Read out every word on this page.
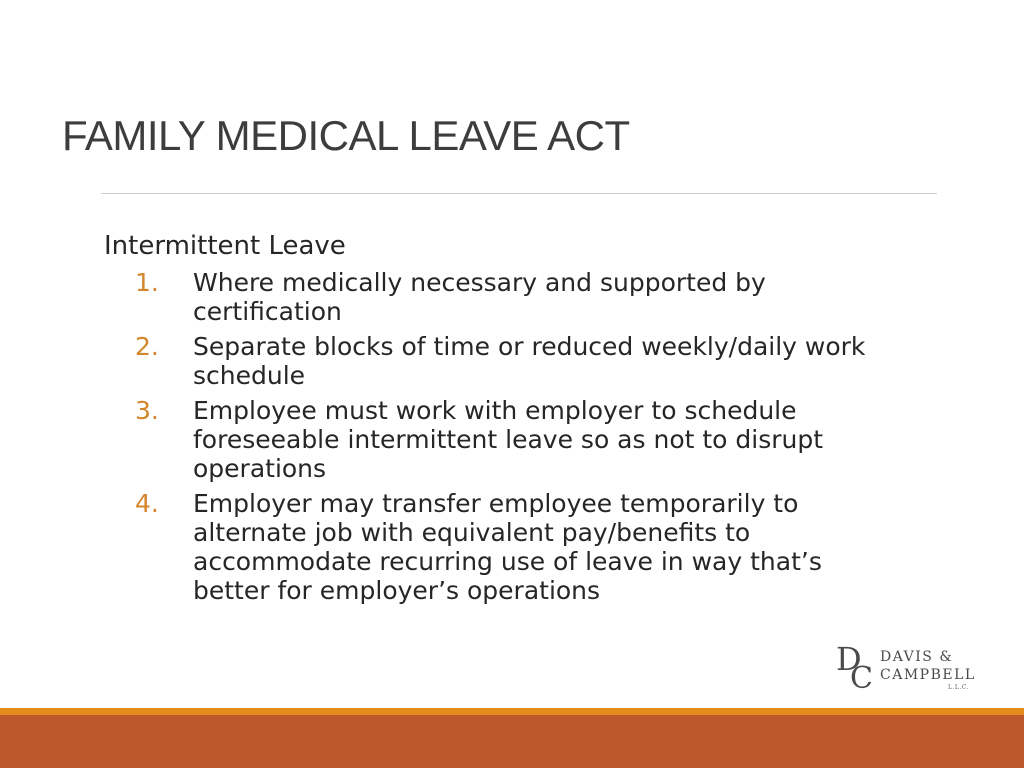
FAMILY MEDICAL LEAVE ACT

Intermittent Leave

1. Where medically necessary and supported by certification
2. Separate blocks of time or reduced weekly/daily work schedule
3. Employee must work with employer to schedule foreseeable intermittent leave so as not to disrupt operations
4. Employer may transfer employee temporarily to alternate job with equivalent pay/benefits to accommodate recurring use of leave in way that’s better for employer’s operations
D
C
DAVIS &
CAMPBELL
L.L.C.
